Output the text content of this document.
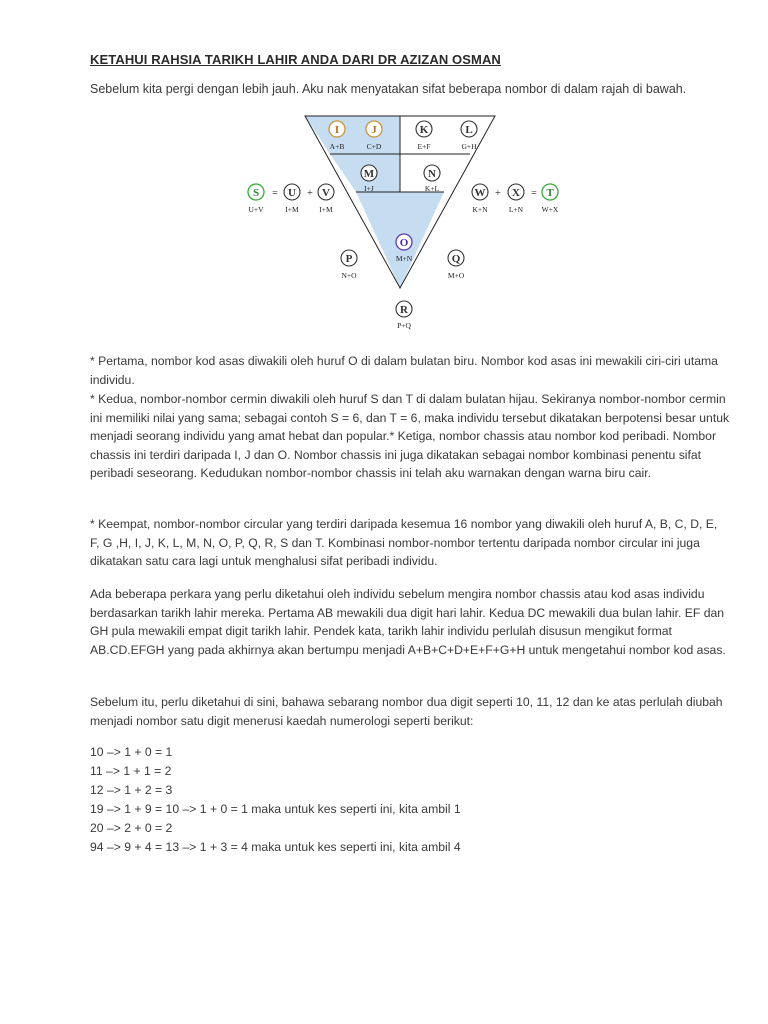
KETAHUI RAHSIA TARIKH LAHIR ANDA DARI DR AZIZAN OSMAN
Sebelum kita pergi dengan lebih jauh. Aku nak menyatakan sifat beberapa nombor di dalam rajah di bawah.
I
A+B
J
C+D
K
E+F
L
G+H
M
I+J
N
K+L
S
U+V
= U
I+M
+ V
I+M
W
K+N
+ X
L+N
= T
W+X
O
M+N
P
N+O
Q
M+O
R
P+Q

* Pertama, nombor kod asas diwakili oleh huruf O di dalam bulatan biru. Nombor kod asas ini mewakili ciri-ciri utama individu.

* Kedua, nombor-nombor cermin diwakili oleh huruf S dan T di dalam bulatan hijau. Sekiranya nombor-nombor cermin ini memiliki nilai yang sama; sebagai contoh S = 6, dan T = 6, maka individu tersebut dikatakan berpotensi besar untuk menjadi seorang individu yang amat hebat dan popular.* Ketiga, nombor chassis atau nombor kod peribadi. Nombor chassis ini terdiri daripada I, J dan O. Nombor chassis ini juga dikatakan sebagai nombor kombinasi penentu sifat peribadi seseorang. Kedudukan nombor-nombor chassis ini telah aku warnakan dengan warna biru cair.

* Keempat, nombor-nombor circular yang terdiri daripada kesemua 16 nombor yang diwakili oleh huruf A, B, C, D, E, F, G ,H, I, J, K, L, M, N, O, P, Q, R, S dan T. Kombinasi nombor-nombor tertentu daripada nombor circular ini juga dikatakan satu cara lagi untuk menghalusi sifat peribadi individu.

Ada beberapa perkara yang perlu diketahui oleh individu sebelum mengira nombor chassis atau kod asas individu berdasarkan tarikh lahir mereka. Pertama AB mewakili dua digit hari lahir. Kedua DC mewakili dua bulan lahir. EF dan GH pula mewakili empat digit tarikh lahir. Pendek kata, tarikh lahir individu perlulah disusun mengikut format AB.CD.EFGH yang pada akhirnya akan bertumpu menjadi A+B+C+D+E+F+G+H untuk mengetahui nombor kod asas.

Sebelum itu, perlu diketahui di sini, bahawa sebarang nombor dua digit seperti 10, 11, 12 dan ke atas perlulah diubah menjadi nombor satu digit menerusi kaedah numerologi seperti berikut:

10 –> 1 + 0 = 1
11 –> 1 + 1 = 2
12 –> 1 + 2 = 3
19 –> 1 + 9 = 10 –> 1 + 0 = 1 maka untuk kes seperti ini, kita ambil 1
20 –> 2 + 0 = 2
94 –> 9 + 4 = 13 –> 1 + 3 = 4 maka untuk kes seperti ini, kita ambil 4
